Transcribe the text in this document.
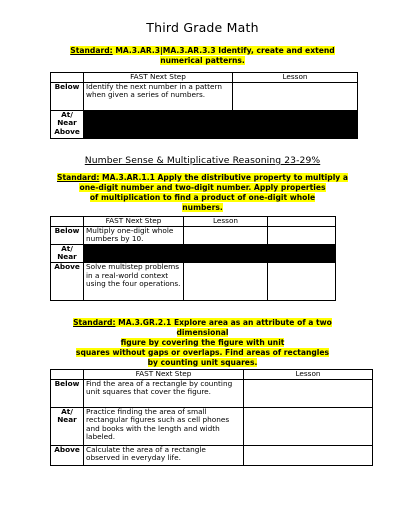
Third Grade Math
Standard: MA.3.AR.3|MA.3.AR.3.3 Identify, create and extend
numerical patterns.
	FAST Next Step	Lesson
Below	Identify the next number in a pattern when given a series of numbers.	
At/
Near
Above		
Number Sense & Multiplicative Reasoning 23-29%
Standard: MA.3.AR.1.1 Apply the distributive property to multiply a
one-digit number and two-digit number. Apply properties
of multiplication to find a product of one-digit whole
numbers.
	FAST Next Step	Lesson	
Below	Multiply one-digit whole numbers by 10.		
At/
Near			
Above	Solve multistep problems in a real-world context using the four operations.		
Standard: MA.3.GR.2.1 Explore area as an attribute of a two
dimensional
figure by covering the figure with unit
squares without gaps or overlaps. Find areas of rectangles
by counting unit squares.
	FAST Next Step	Lesson
Below	Find the area of a rectangle by counting unit squares that cover the figure.	
At/
Near	Practice finding the area of small rectangular figures such as cell phones and books with the length and width labeled.	
Above	Calculate the area of a rectangle observed in everyday life.	
